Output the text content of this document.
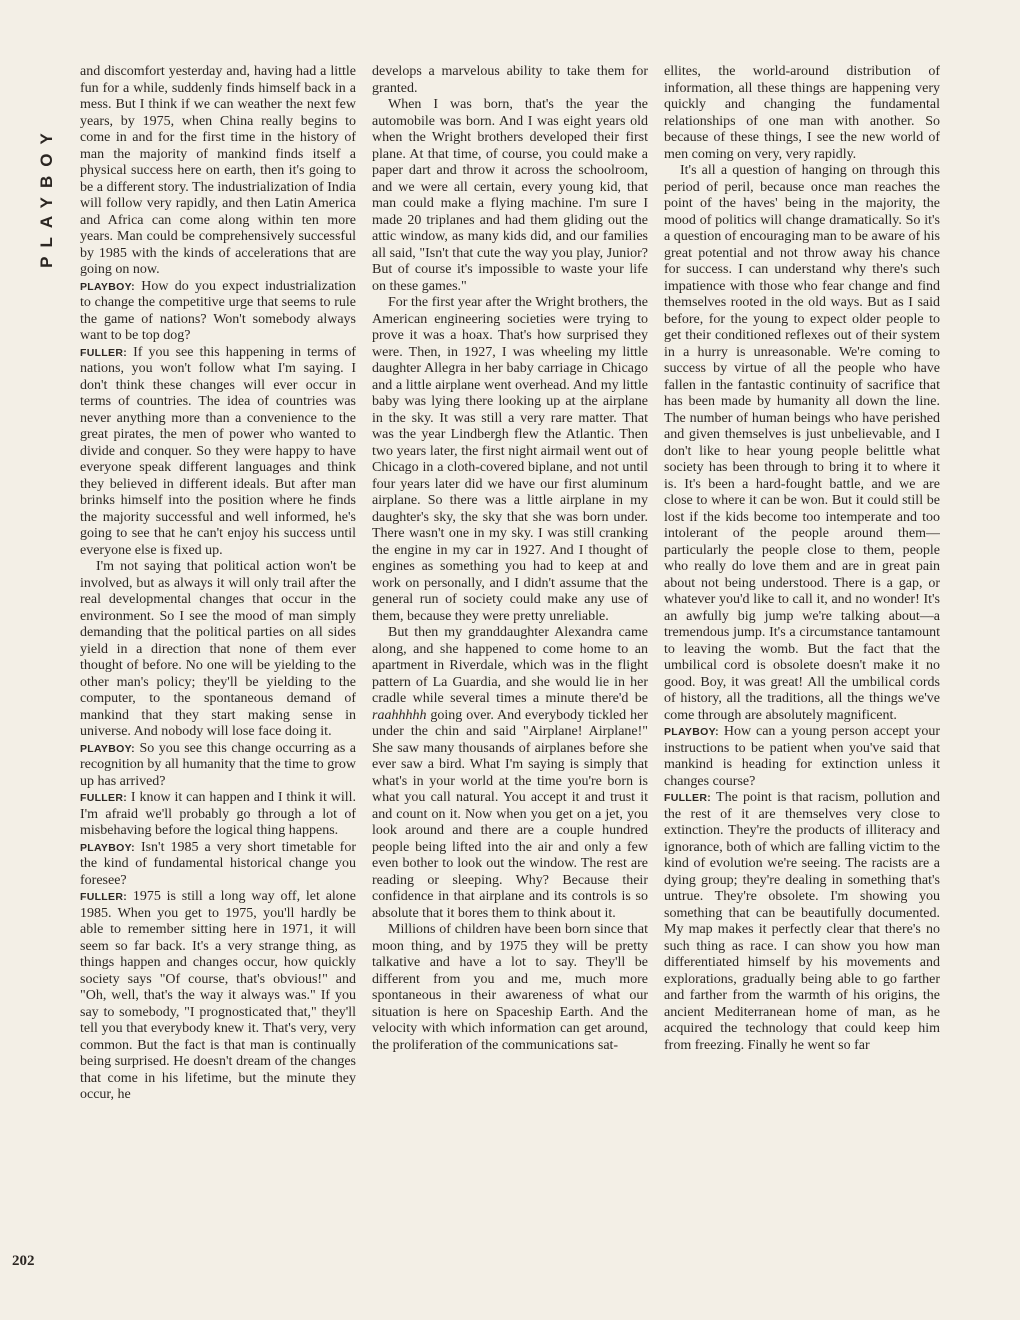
PLAYBOY
202

and discomfort yesterday and, having had a little fun for a while, suddenly finds himself back in a mess. But I think if we can weather the next few years, by 1975, when China really begins to come in and for the first time in the history of man the majority of mankind finds itself a physical success here on earth, then it's going to be a different story. The industrialization of India will follow very rapidly, and then Latin America and Africa can come along within ten more years. Man could be comprehensively successful by 1985 with the kinds of accelerations that are going on now.

PLAYBOY: How do you expect industrialization to change the competitive urge that seems to rule the game of nations? Won't somebody always want to be top dog?

FULLER: If you see this happening in terms of nations, you won't follow what I'm saying. I don't think these changes will ever occur in terms of countries. The idea of countries was never anything more than a convenience to the great pirates, the men of power who wanted to divide and conquer. So they were happy to have everyone speak different languages and think they believed in different ideals. But after man brinks himself into the position where he finds the majority successful and well informed, he's going to see that he can't enjoy his success until everyone else is fixed up.

I'm not saying that political action won't be involved, but as always it will only trail after the real developmental changes that occur in the environment. So I see the mood of man simply demanding that the political parties on all sides yield in a direction that none of them ever thought of before. No one will be yielding to the other man's policy; they'll be yielding to the computer, to the spontaneous demand of mankind that they start making sense in universe. And nobody will lose face doing it.

PLAYBOY: So you see this change occurring as a recognition by all humanity that the time to grow up has arrived?

FULLER: I know it can happen and I think it will. I'm afraid we'll probably go through a lot of misbehaving before the logical thing happens.

PLAYBOY: Isn't 1985 a very short timetable for the kind of fundamental historical change you foresee?

FULLER: 1975 is still a long way off, let alone 1985. When you get to 1975, you'll hardly be able to remember sitting here in 1971, it will seem so far back. It's a very strange thing, as things happen and changes occur, how quickly society says "Of course, that's obvious!" and "Oh, well, that's the way it always was." If you say to somebody, "I prognosticated that," they'll tell you that everybody knew it. That's very, very common. But the fact is that man is continually being surprised. He doesn't dream of the changes that come in his lifetime, but the minute they occur, he

develops a marvelous ability to take them for granted.

When I was born, that's the year the automobile was born. And I was eight years old when the Wright brothers developed their first plane. At that time, of course, you could make a paper dart and throw it across the schoolroom, and we were all certain, every young kid, that man could make a flying machine. I'm sure I made 20 triplanes and had them gliding out the attic window, as many kids did, and our families all said, "Isn't that cute the way you play, Junior? But of course it's impossible to waste your life on these games."

For the first year after the Wright brothers, the American engineering societies were trying to prove it was a hoax. That's how surprised they were. Then, in 1927, I was wheeling my little daughter Allegra in her baby carriage in Chicago and a little airplane went overhead. And my little baby was lying there looking up at the airplane in the sky. It was still a very rare matter. That was the year Lindbergh flew the Atlantic. Then two years later, the first night airmail went out of Chicago in a cloth-covered biplane, and not until four years later did we have our first aluminum airplane. So there was a little airplane in my daughter's sky, the sky that she was born under. There wasn't one in my sky. I was still cranking the engine in my car in 1927. And I thought of engines as something you had to keep at and work on personally, and I didn't assume that the general run of society could make any use of them, because they were pretty unreliable.

But then my granddaughter Alexandra came along, and she happened to come home to an apartment in Riverdale, which was in the flight pattern of La Guardia, and she would lie in her cradle while several times a minute there'd be raahhhhh going over. And everybody tickled her under the chin and said "Airplane! Airplane!" She saw many thousands of airplanes before she ever saw a bird. What I'm saying is simply that what's in your world at the time you're born is what you call natural. You accept it and trust it and count on it. Now when you get on a jet, you look around and there are a couple hundred people being lifted into the air and only a few even bother to look out the window. The rest are reading or sleeping. Why? Because their confidence in that airplane and its controls is so absolute that it bores them to think about it.

Millions of children have been born since that moon thing, and by 1975 they will be pretty talkative and have a lot to say. They'll be different from you and me, much more spontaneous in their awareness of what our situation is here on Spaceship Earth. And the velocity with which information can get around, the proliferation of the communications sat-

ellites, the world-around distribution of information, all these things are happening very quickly and changing the fundamental relationships of one man with another. So because of these things, I see the new world of men coming on very, very rapidly.

It's all a question of hanging on through this period of peril, because once man reaches the point of the haves' being in the majority, the mood of politics will change dramatically. So it's a question of encouraging man to be aware of his great potential and not throw away his chance for success. I can understand why there's such impatience with those who fear change and find themselves rooted in the old ways. But as I said before, for the young to expect older people to get their conditioned reflexes out of their system in a hurry is unreasonable. We're coming to success by virtue of all the people who have fallen in the fantastic continuity of sacrifice that has been made by humanity all down the line. The number of human beings who have perished and given themselves is just unbelievable, and I don't like to hear young people belittle what society has been through to bring it to where it is. It's been a hard-fought battle, and we are close to where it can be won. But it could still be lost if the kids become too intemperate and too intolerant of the people around them—particularly the people close to them, people who really do love them and are in great pain about not being understood. There is a gap, or whatever you'd like to call it, and no wonder! It's an awfully big jump we're talking about—a tremendous jump. It's a circumstance tantamount to leaving the womb. But the fact that the umbilical cord is obsolete doesn't make it no good. Boy, it was great! All the umbilical cords of history, all the traditions, all the things we've come through are absolutely magnificent.

PLAYBOY: How can a young person accept your instructions to be patient when you've said that mankind is heading for extinction unless it changes course?

FULLER: The point is that racism, pollution and the rest of it are themselves very close to extinction. They're the products of illiteracy and ignorance, both of which are falling victim to the kind of evolution we're seeing. The racists are a dying group; they're dealing in something that's untrue. They're obsolete. I'm showing you something that can be beautifully documented. My map makes it perfectly clear that there's no such thing as race. I can show you how man differentiated himself by his movements and explorations, gradually being able to go farther and farther from the warmth of his origins, the ancient Mediterranean home of man, as he acquired the technology that could keep him from freezing. Finally he went so far
